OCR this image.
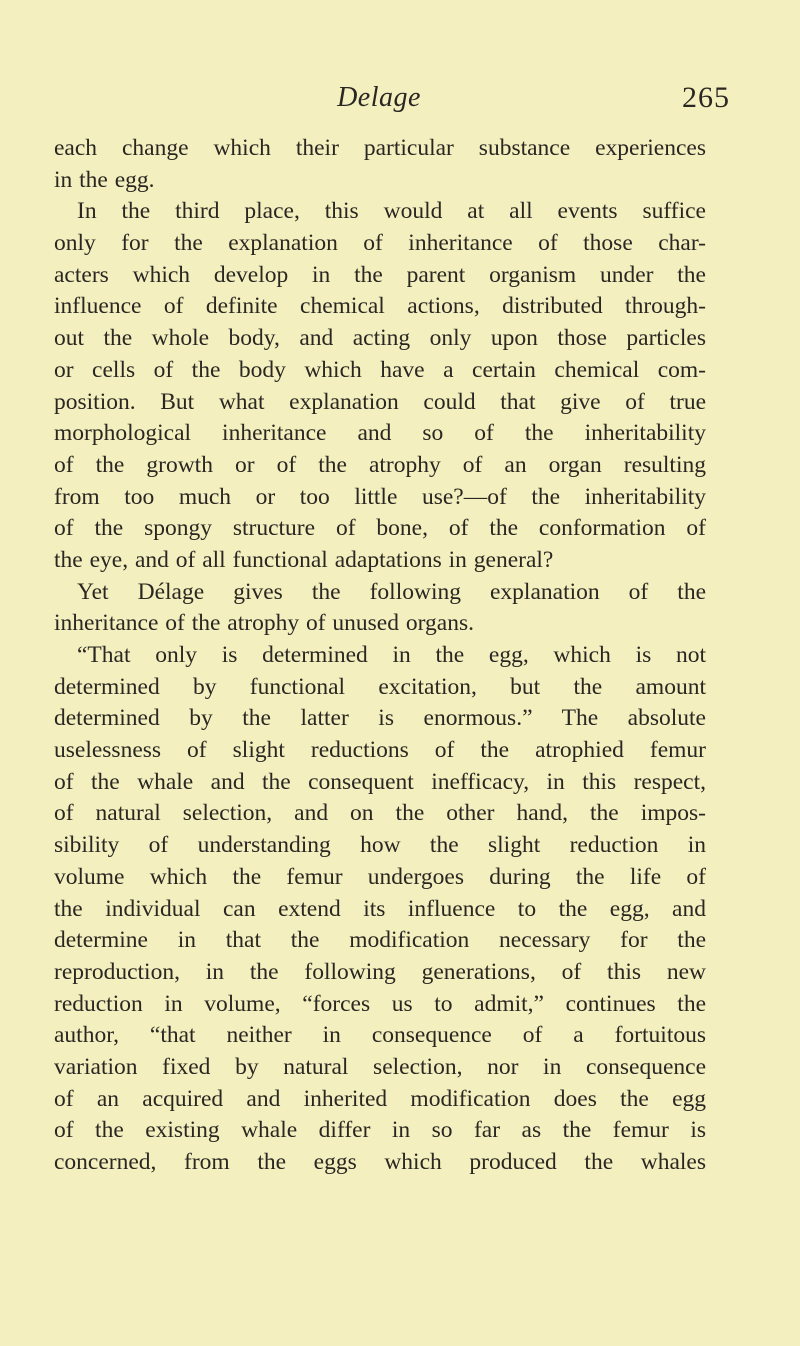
Delage	265
each change which their particular substance experiences
in the egg.
In the third place, this would at all events suffice
only for the explanation of inheritance of those char-
acters which develop in the parent organism under the
influence of definite chemical actions, distributed through-
out the whole body, and acting only upon those particles
or cells of the body which have a certain chemical com-
position. But what explanation could that give of true
morphological inheritance and so of the inheritability
of the growth or of the atrophy of an organ resulting
from too much or too little use?—of the inheritability
of the spongy structure of bone, of the conformation of
the eye, and of all functional adaptations in general?
Yet Délage gives the following explanation of the
inheritance of the atrophy of unused organs.
“That only is determined in the egg, which is not
determined by functional excitation, but the amount
determined by the latter is enormous.” The absolute
uselessness of slight reductions of the atrophied femur
of the whale and the consequent inefficacy, in this respect,
of natural selection, and on the other hand, the impos-
sibility of understanding how the slight reduction in
volume which the femur undergoes during the life of
the individual can extend its influence to the egg, and
determine in that the modification necessary for the
reproduction, in the following generations, of this new
reduction in volume, “forces us to admit,” continues the
author, “that neither in consequence of a fortuitous
variation fixed by natural selection, nor in consequence
of an acquired and inherited modification does the egg
of the existing whale differ in so far as the femur is
concerned, from the eggs which produced the whales
